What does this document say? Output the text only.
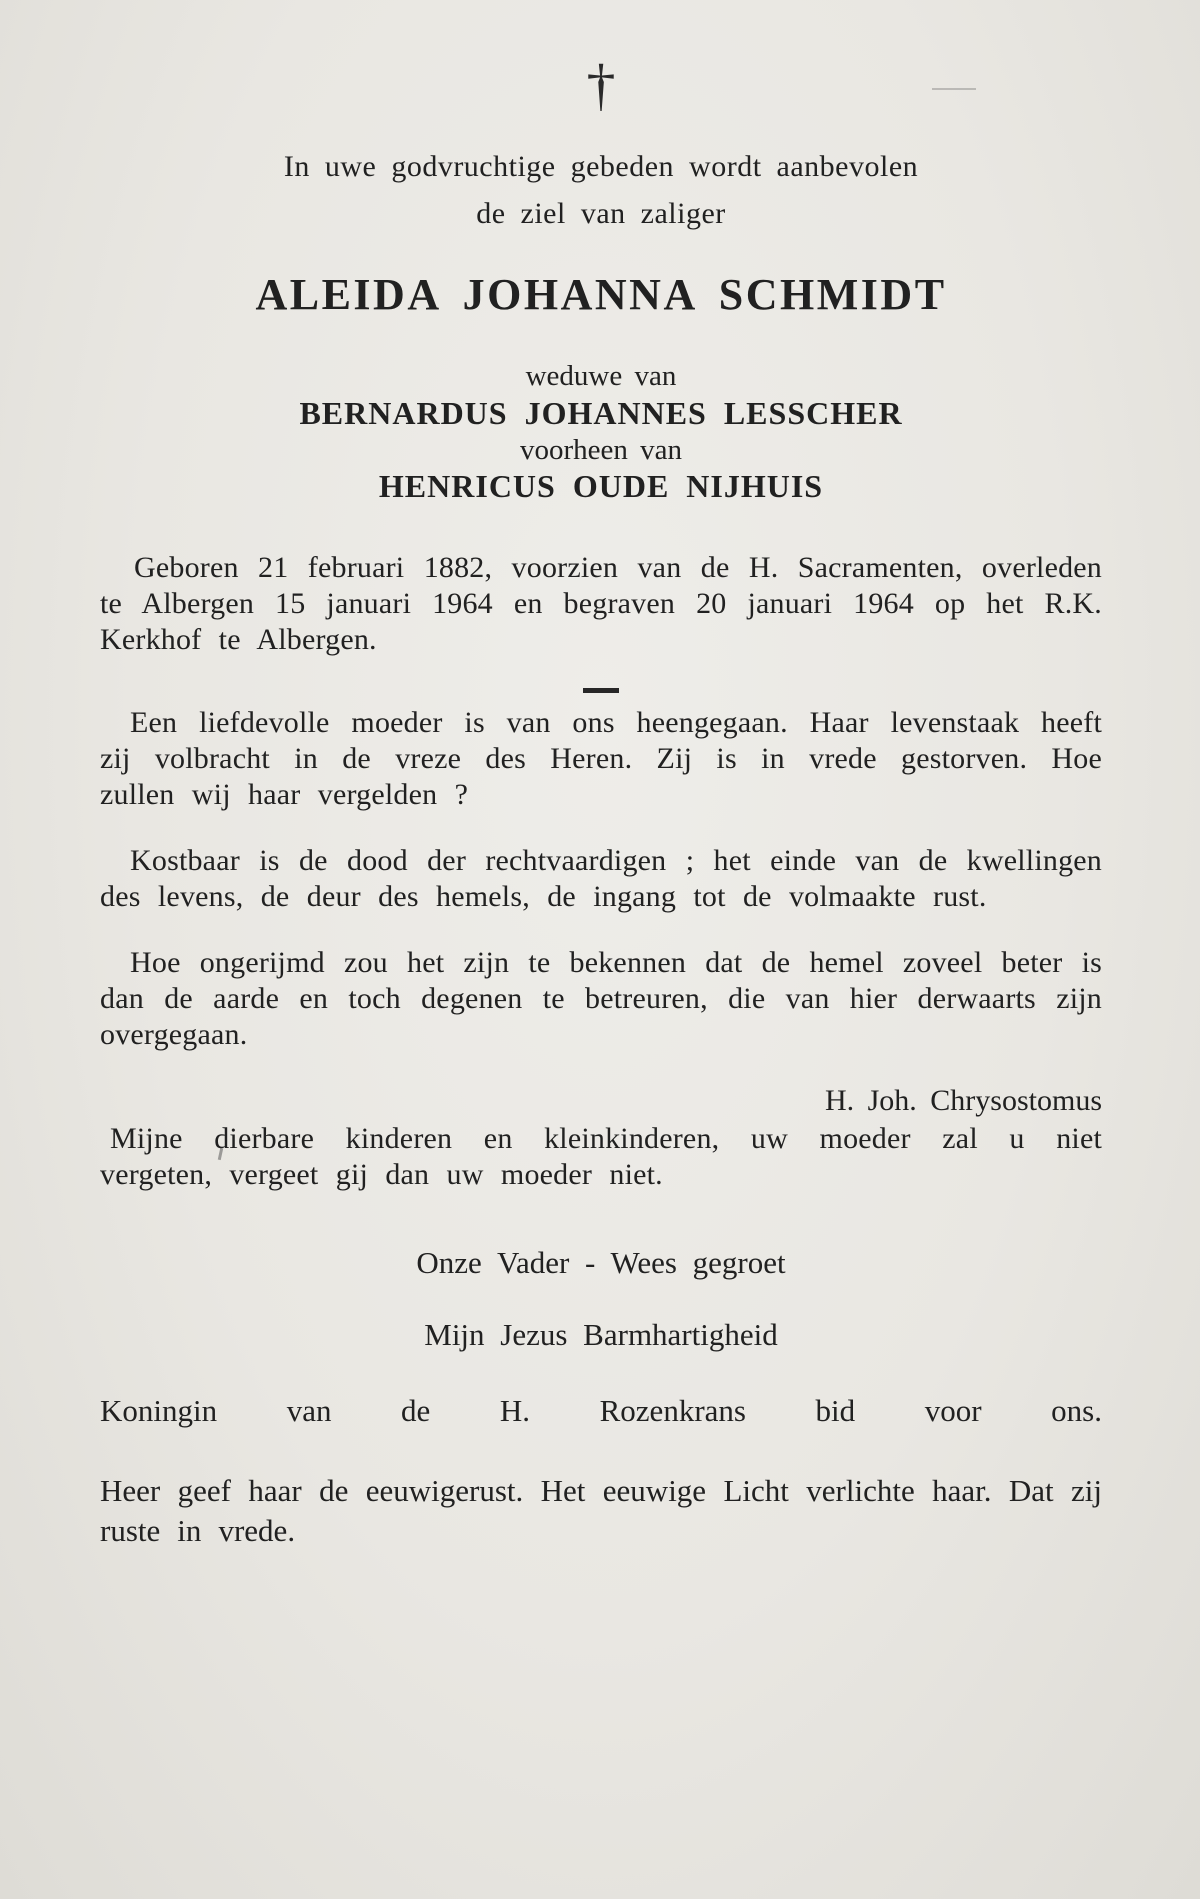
†
In uwe godvruchtige gebeden wordt aanbevolen
de ziel van zaliger
ALEIDA JOHANNA SCHMIDT
weduwe van
BERNARDUS JOHANNES LESSCHER
voorheen van
HENRICUS OUDE NIJHUIS

Geboren 21 februari 1882, voorzien van de H. Sacramenten, overleden te Albergen 15 januari 1964 en begraven 20 januari 1964 op het R.K. Kerkhof te Albergen.

Een liefdevolle moeder is van ons heengegaan. Haar levenstaak heeft zij volbracht in de vreze des Heren. Zij is in vrede gestorven. Hoe zullen wij haar vergelden ?

Kostbaar is de dood der rechtvaardigen ; het einde van de kwellingen des levens, de deur des hemels, de ingang tot de volmaakte rust.

Hoe ongerijmd zou het zijn te bekennen dat de hemel zoveel beter is dan de aarde en toch degenen te betreuren, die van hier derwaarts zijn overgegaan.

H. Joh. Chrysostomus

Mijne dierbare kinderen en kleinkinderen, uw moeder zal u niet vergeten, vergeet gij dan uw moeder niet.

Onze Vader - Wees gegroet
Mijn Jezus Barmhartigheid
Koningin van de H. Rozenkrans bid voor ons.

Heer geef haar de eeuwigerust. Het eeuwige Licht verlichte haar. Dat zij ruste in vrede.
